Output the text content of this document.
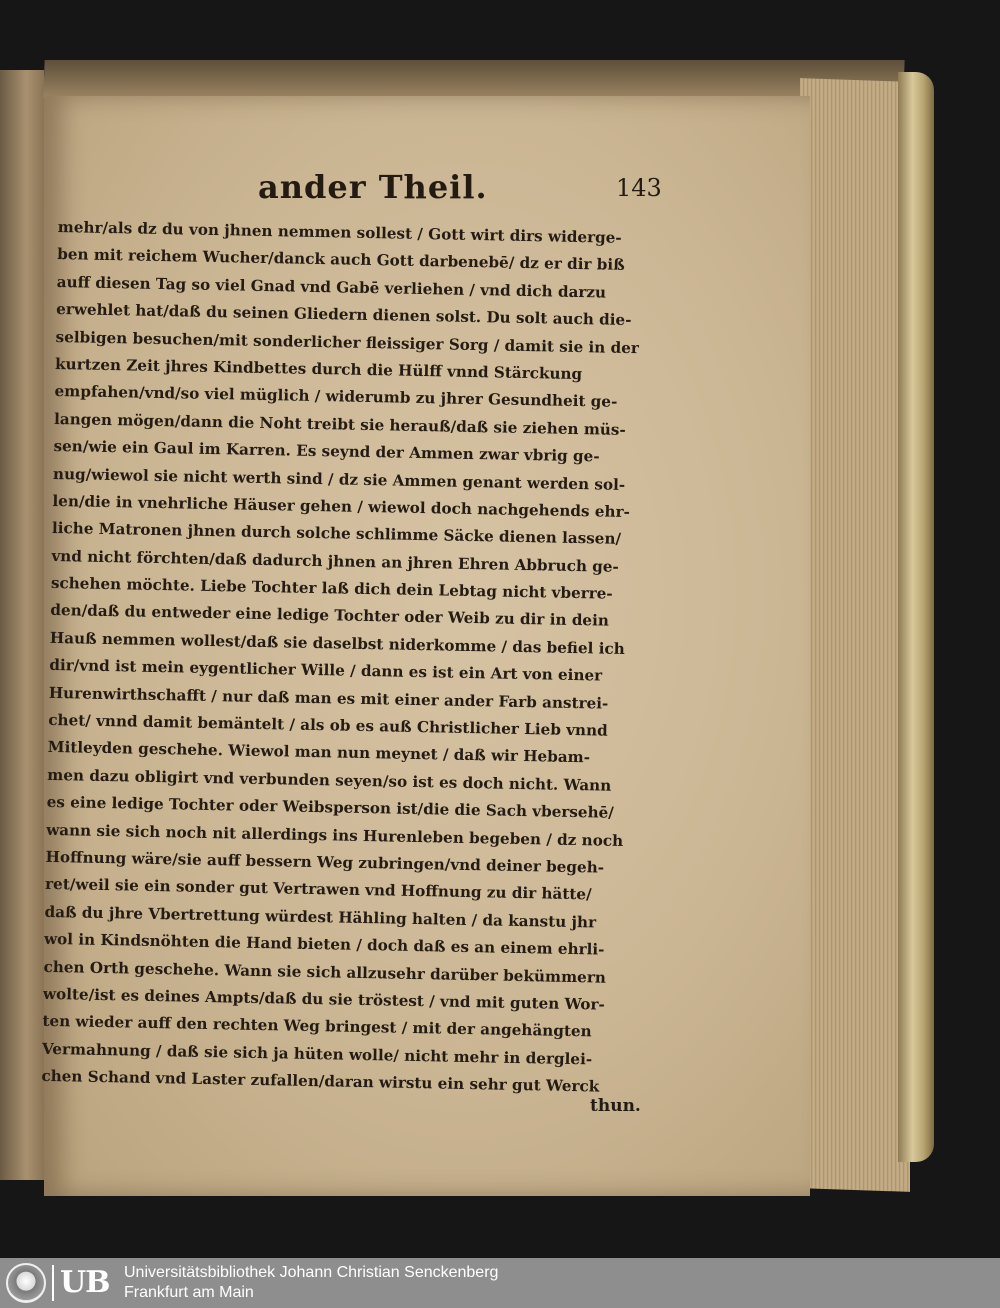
ander Theil.	143
mehr/als dz du von jhnen nemmen sollest / Gott wirt dirs widerge-
ben mit reichem Wucher/danck auch Gott darbenebē/ dz er dir biß
auff diesen Tag so viel Gnad vnd Gabē verliehen / vnd dich darzu
erwehlet hat/daß du seinen Gliedern dienen solst. Du solt auch die-
selbigen besuchen/mit sonderlicher fleissiger Sorg / damit sie in der
kurtzen Zeit jhres Kindbettes durch die Hülff vnnd Stärckung
empfahen/vnd/so viel müglich / widerumb zu jhrer Gesundheit ge-
langen mögen/dann die Noht treibt sie herauß/daß sie ziehen müs-
sen/wie ein Gaul im Karren. Es seynd der Ammen zwar vbrig ge-
nug/wiewol sie nicht werth sind / dz sie Ammen genant werden sol-
len/die in vnehrliche Häuser gehen / wiewol doch nachgehends ehr-
liche Matronen jhnen durch solche schlimme Säcke dienen lassen/
vnd nicht förchten/daß dadurch jhnen an jhren Ehren Abbruch ge-
schehen möchte. Liebe Tochter laß dich dein Lebtag nicht vberre-
den/daß du entweder eine ledige Tochter oder Weib zu dir in dein
Hauß nemmen wollest/daß sie daselbst niderkomme / das befiel ich
dir/vnd ist mein eygentlicher Wille / dann es ist ein Art von einer
Hurenwirthschafft / nur daß man es mit einer ander Farb anstrei-
chet/ vnnd damit bemäntelt / als ob es auß Christlicher Lieb vnnd
Mitleyden geschehe. Wiewol man nun meynet / daß wir Hebam-
men dazu obligirt vnd verbunden seyen/so ist es doch nicht. Wann
es eine ledige Tochter oder Weibsperson ist/die die Sach vbersehē/
wann sie sich noch nit allerdings ins Hurenleben begeben / dz noch
Hoffnung wäre/sie auff bessern Weg zubringen/vnd deiner begeh-
ret/weil sie ein sonder gut Vertrawen vnd Hoffnung zu dir hätte/
daß du jhre Vbertrettung würdest Hähling halten / da kanstu jhr
wol in Kindsnöhten die Hand bieten / doch daß es an einem ehrli-
chen Orth geschehe. Wann sie sich allzusehr darüber bekümmern
wolte/ist es deines Ampts/daß du sie tröstest / vnd mit guten Wor-
ten wieder auff den rechten Weg bringest / mit der angehängten
Vermahnung / daß sie sich ja hüten wolle/ nicht mehr in derglei-
chen Schand vnd Laster zufallen/daran wirstu ein sehr gut Werck
thun.
UB Universitätsbibliothek Johann Christian Senckenberg
Frankfurt am Main
